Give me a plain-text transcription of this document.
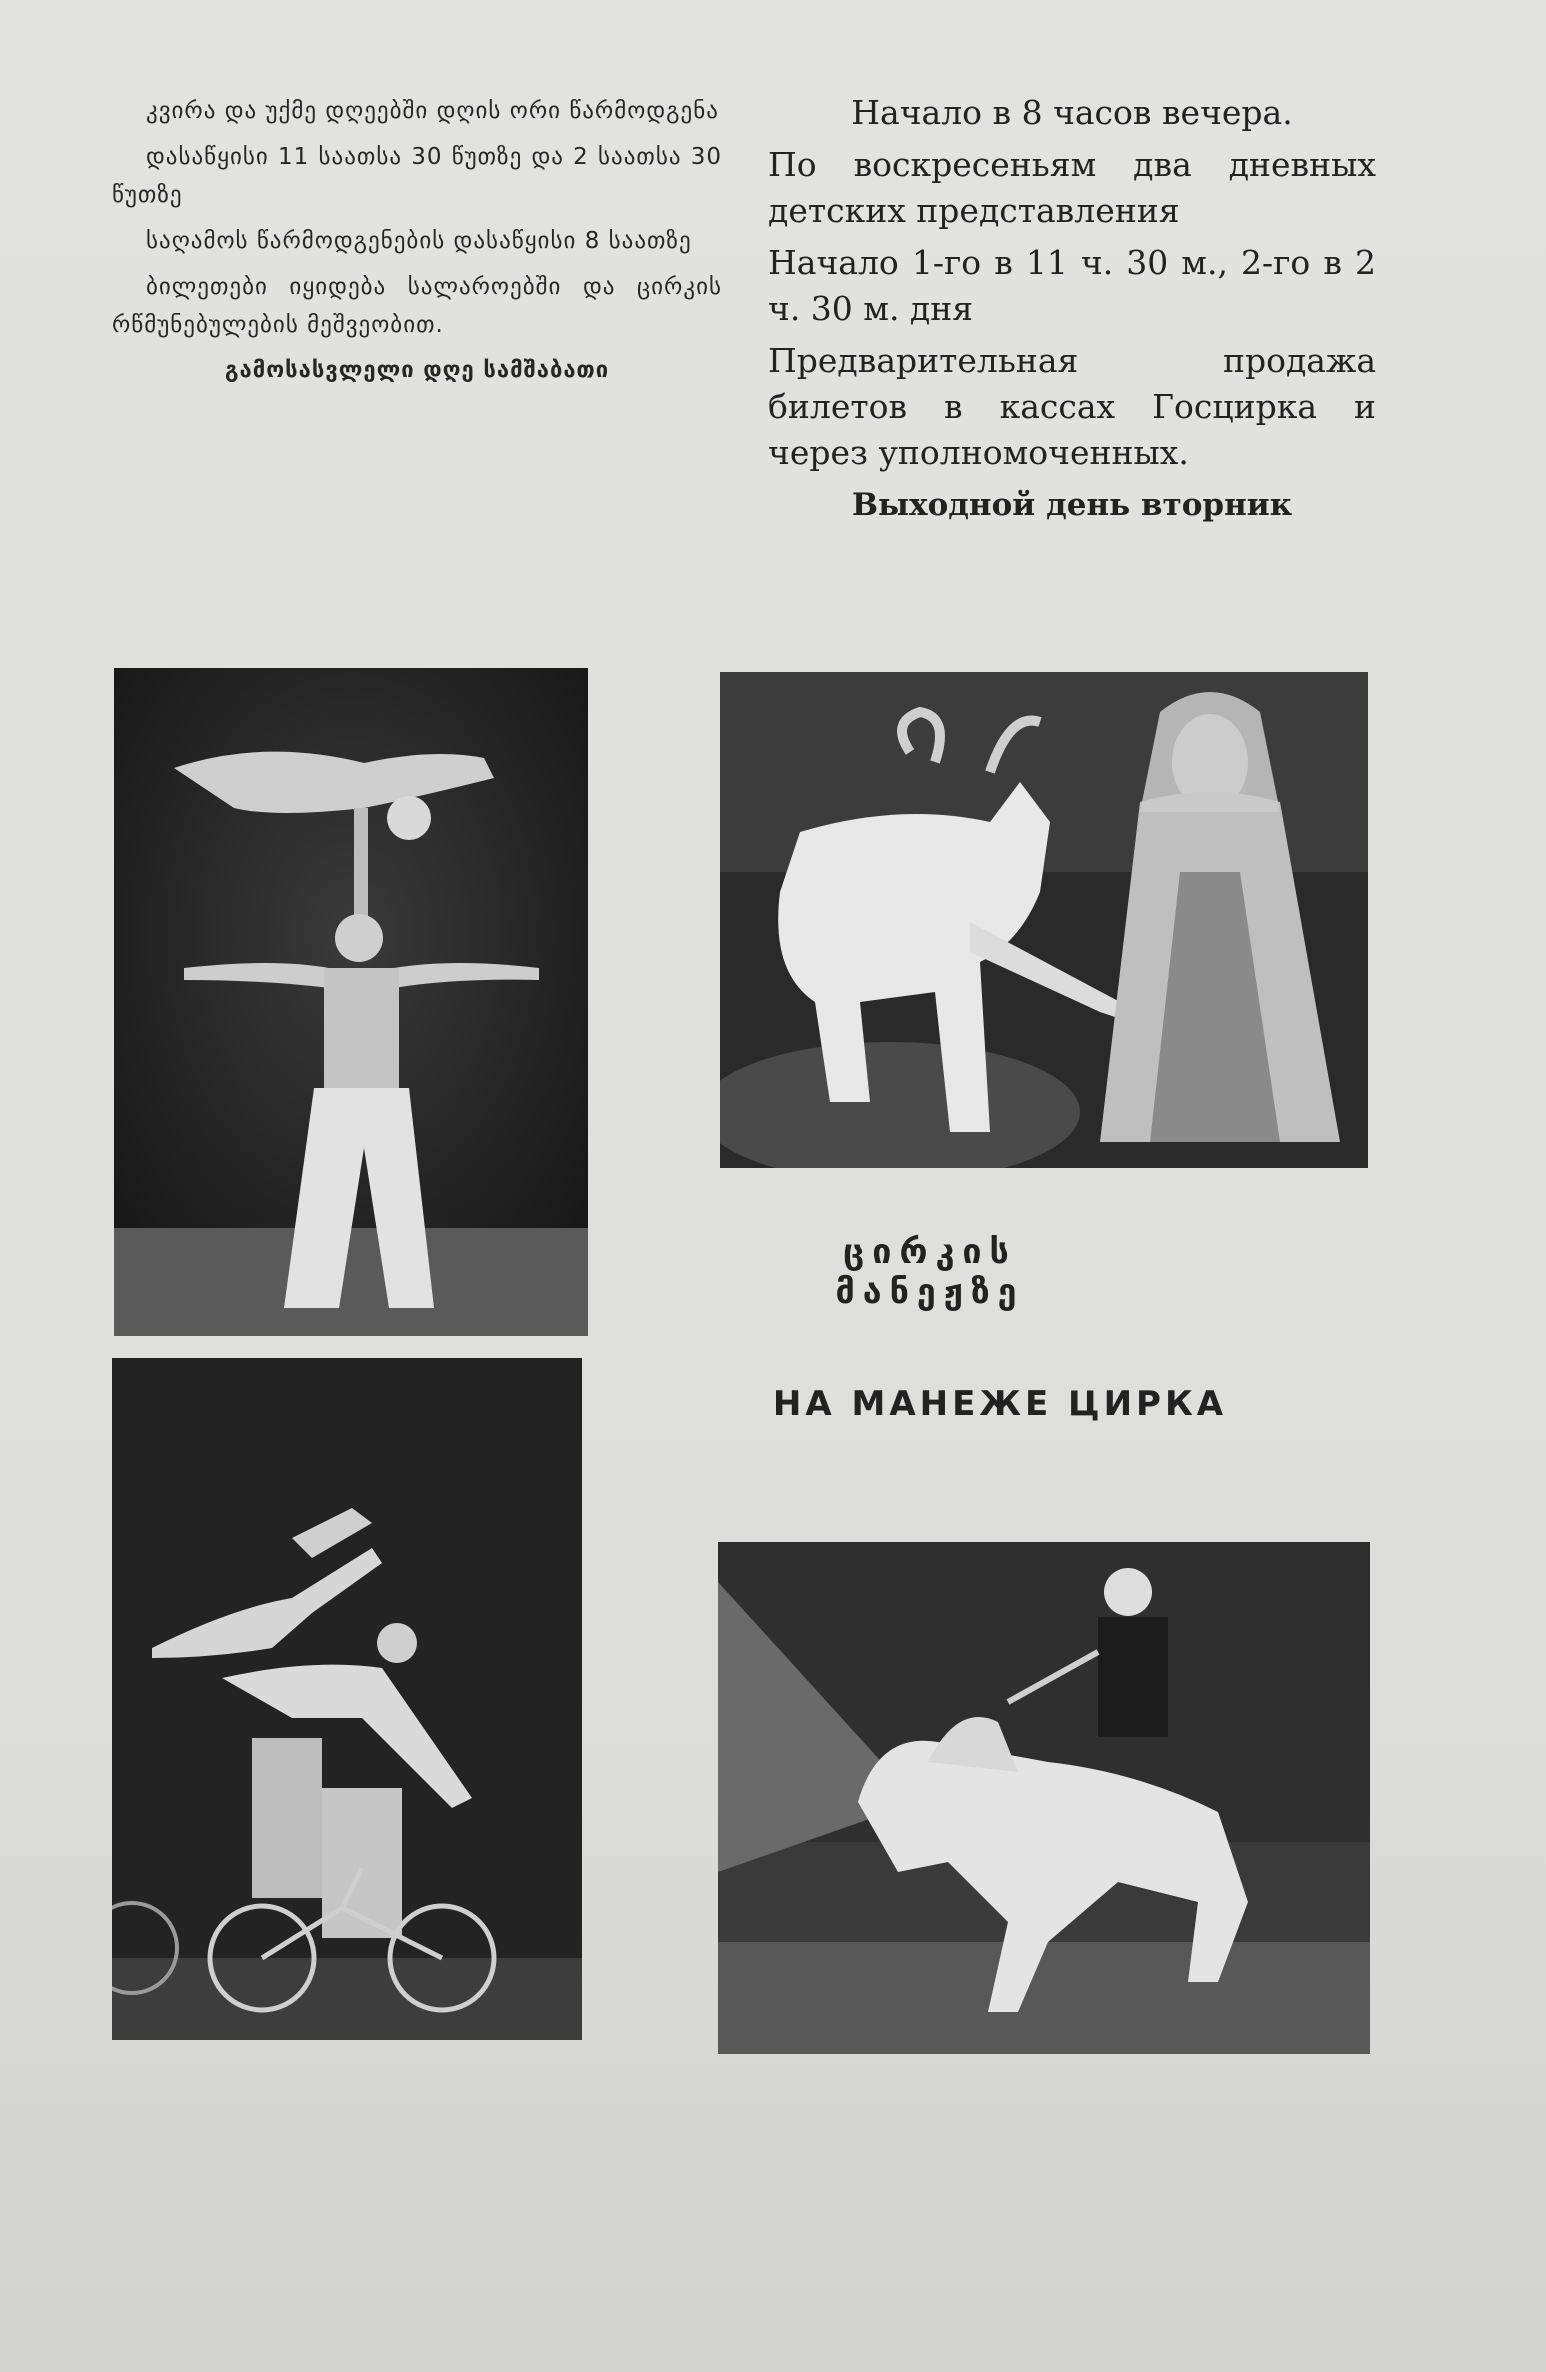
კვირა და უქმე დღეებში დღის ორი წარმოდგენა

დასაწყისი 11 საათსა 30 წუთზე და 2 საათსა 30 წუთზე

საღამოს წარმოდგენების დასაწყისი 8 საათზე

ბილეთები იყიდება სალაროებში და ცირკის რწმუნებულების მეშვეობით.

გამოსასვლელი დღე სამშაბათი

Начало в 8 часов вечера.

По воскресеньям два дневных детских представления

Начало 1-го в 11 ч. 30 м., 2-го в 2 ч. 30 м. дня

Предварительная продажа билетов в кассах Госцирка и через уполномоченных.

Выходной день вторник

ცირკის მანეჟზე
НА МАНЕЖЕ ЦИРКА
